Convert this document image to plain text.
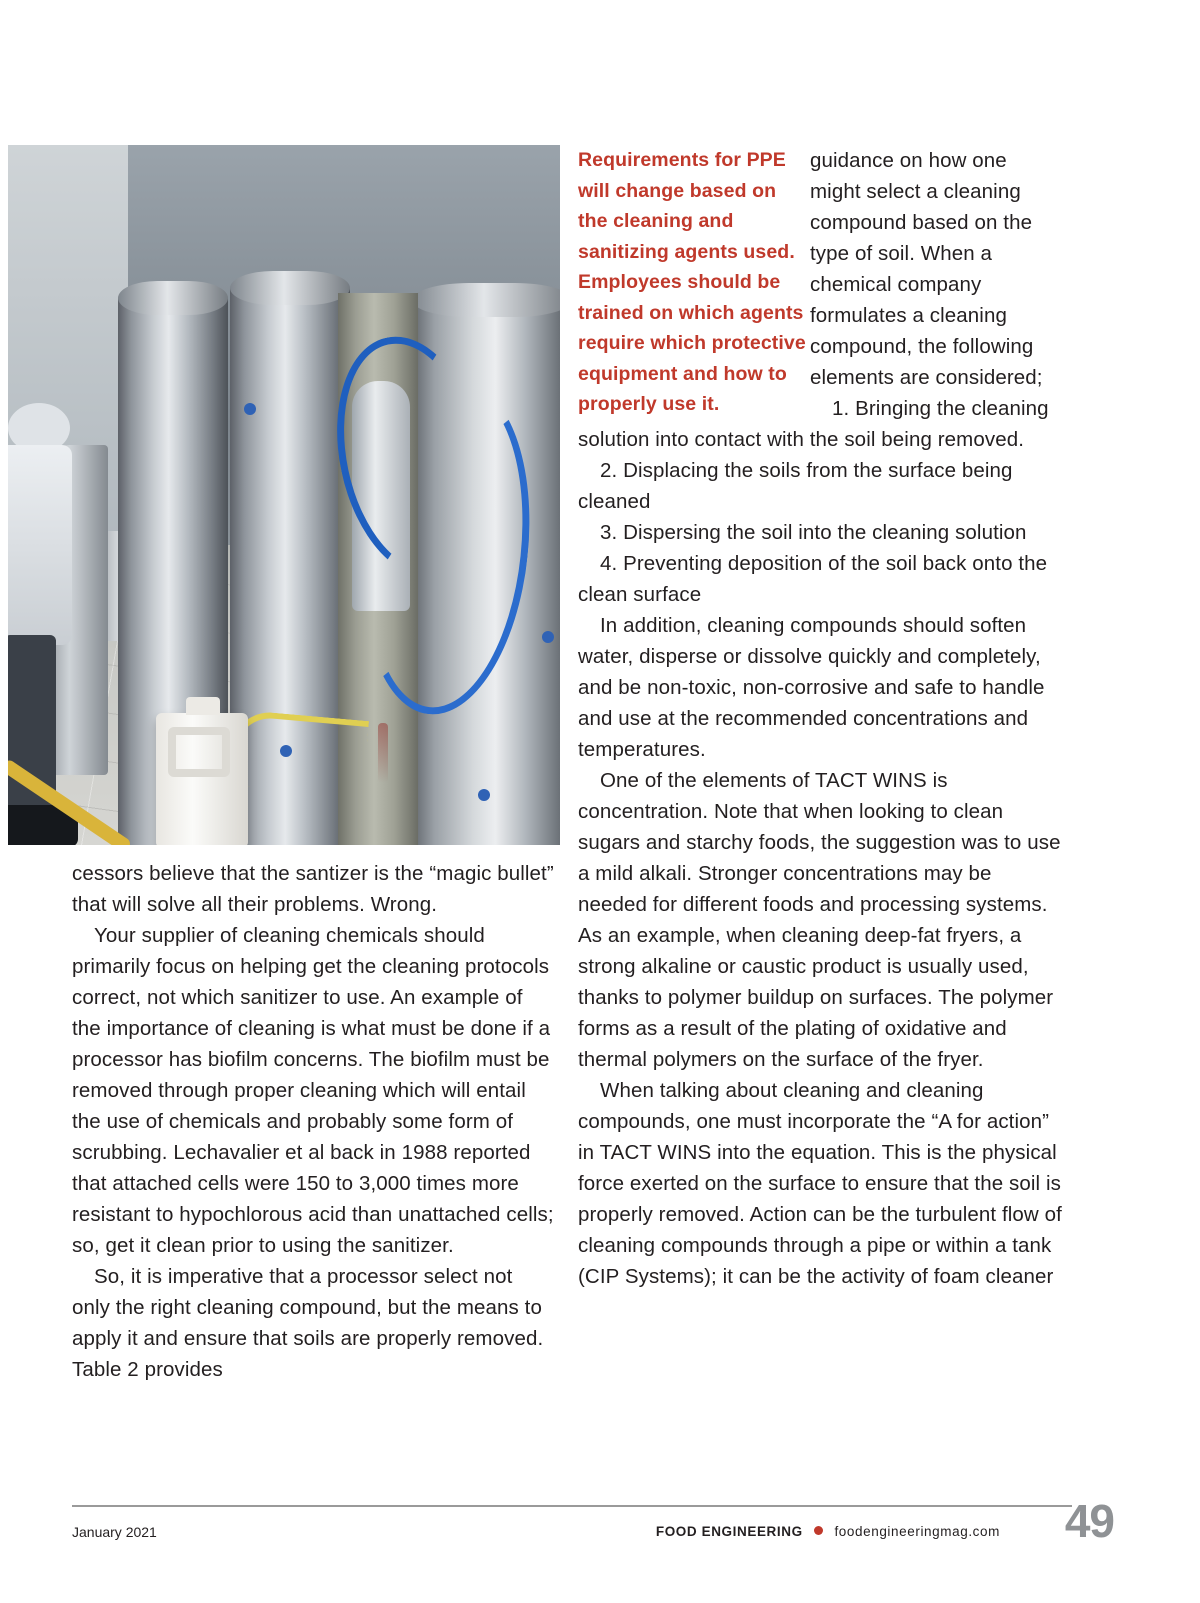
cessors believe that the santizer is the “magic bullet” that will solve all their problems. Wrong.

Your supplier of cleaning chemicals should primarily focus on helping get the cleaning protocols correct, not which sanitizer to use. An example of the importance of cleaning is what must be done if a processor has biofilm concerns. The biofilm must be removed through proper cleaning which will entail the use of chemicals and probably some form of scrubbing. Lechavalier et al back in 1988 reported that attached cells were 150 to 3,000 times more resistant to hypochlorous acid than unattached cells; so, get it clean prior to using the sanitizer.

So, it is imperative that a processor select not only the right cleaning compound, but the means to apply it and ensure that soils are properly removed. Table 2 provides

Requirements for PPE will change based on the cleaning and sanitizing agents used. Employees should be trained on which agents require which protective equipment and how to properly use it.

guidance on how one might select a cleaning compound based on the type of soil. When a chemical company formulates a cleaning compound, the following elements are considered;

1. Bringing the cleaning solution into contact with the soil being removed.

2. Displacing the soils from the surface being cleaned

3. Dispersing the soil into the cleaning solution

4. Preventing deposition of the soil back onto the clean surface

In addition, cleaning compounds should soften water, disperse or dissolve quickly and completely, and be non-toxic, non-corrosive and safe to handle and use at the recommended concentrations and temperatures.

One of the elements of TACT WINS is concentration. Note that when looking to clean sugars and starchy foods, the suggestion was to use a mild alkali. Stronger concentrations may be needed for different foods and processing systems. As an example, when cleaning deep-fat fryers, a strong alkaline or caustic product is usually used, thanks to polymer buildup on surfaces. The polymer forms as a result of the plating of oxidative and thermal polymers on the surface of the fryer.

When talking about cleaning and cleaning compounds, one must incorporate the “A for action” in TACT WINS into the equation. This is the physical force exerted on the surface to ensure that the soil is properly removed. Action can be the turbulent flow of cleaning compounds through a pipe or within a tank (CIP Systems); it can be the activity of foam cleaner

January 2021	FOOD ENGINEERING foodengineeringmag.com 49
